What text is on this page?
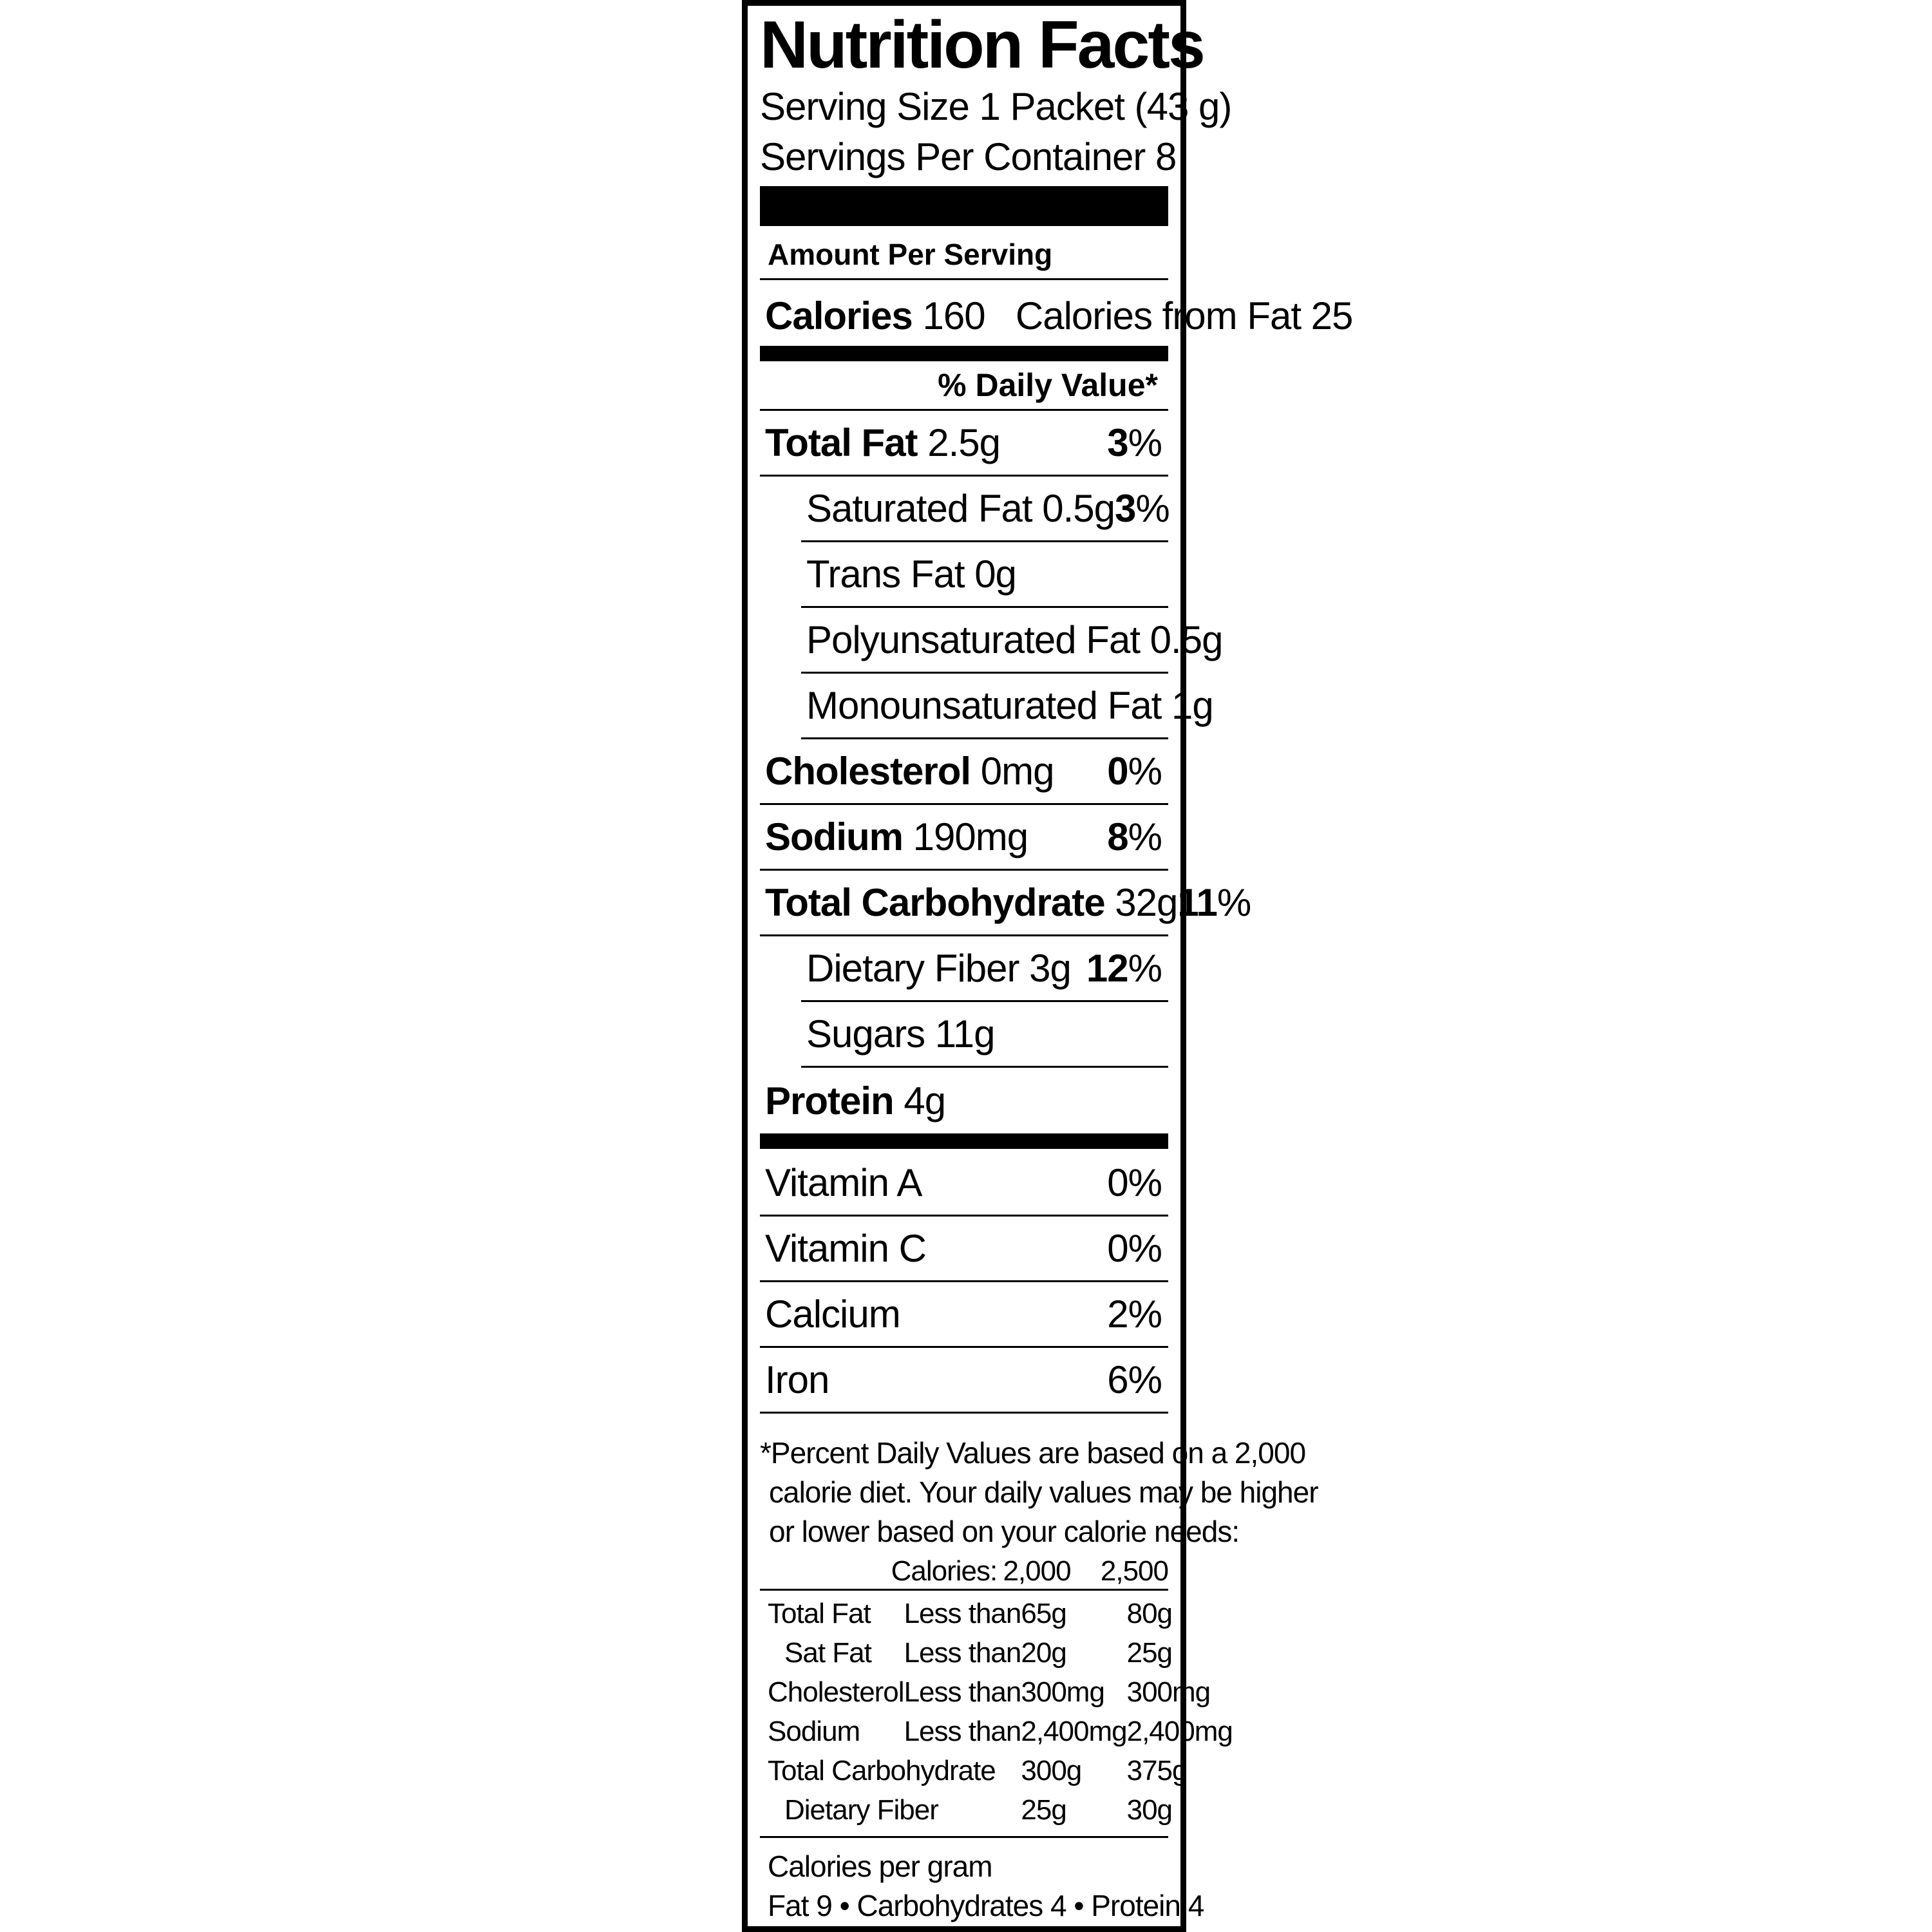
Nutrition Facts
Serving Size 1 Packet (43 g)
Servings Per Container 8
Amount Per Serving
Calories 160 Calories from Fat 25
% Daily Value*
Total Fat 2.5g	3%
Saturated Fat 0.5g 3%
Trans Fat 0g
Polyunsaturated Fat 0.5g
Monounsaturated Fat 1g
Cholesterol 0mg 0%
Sodium 190mg 8%
Total Carbohydrate 32g 11%
Dietary Fiber 3g 12%
Sugars 11g
Protein 4g
Vitamin A	0%
Vitamin C	0%
Calcium	2%
Iron	6%
*Percent Daily Values are based on a 2,000
calorie diet. Your daily values may be higher
or lower based on your calorie needs:
	Calories:	2,000	2,500
Total Fat	Less than	65g	80g
Sat Fat	Less than	20g	25g
Cholesterol	Less than	300mg	300mg
Sodium	Less than	2,400mg	2,400mg
Total Carbohydrate		300g	375g
Dietary Fiber		25g	30g
Calories per gram
Fat 9 • Carbohydrates 4 • Protein 4
